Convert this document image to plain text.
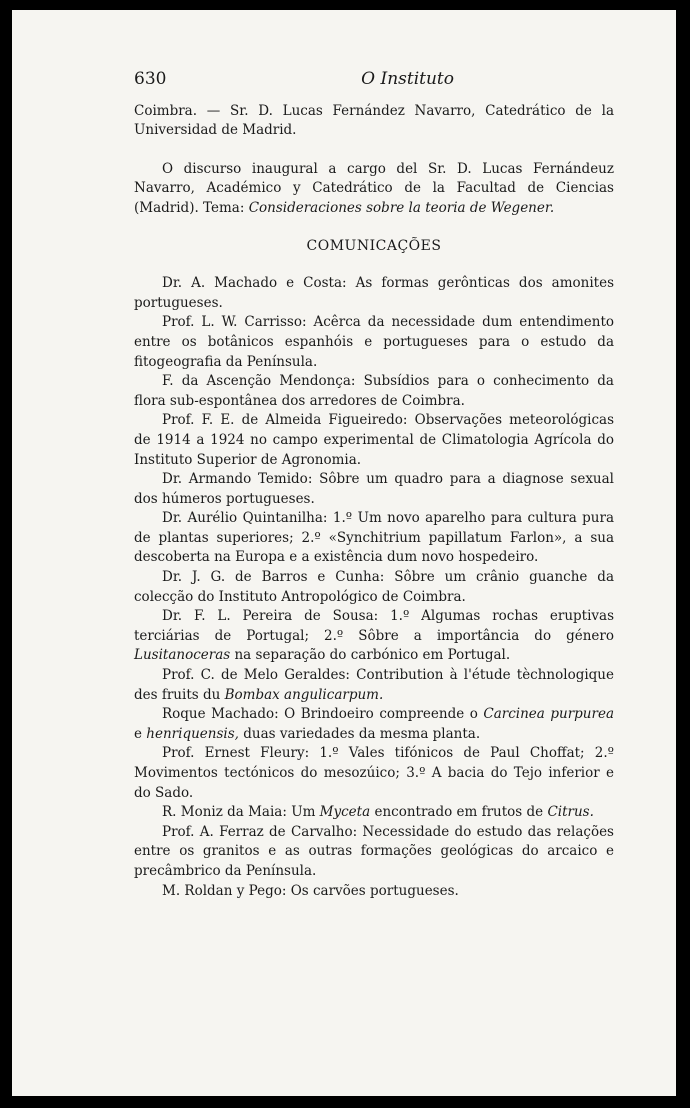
630	O Instituto

Coimbra. — Sr. D. Lucas Fernández Navarro, Catedrático de la Universidad de Madrid.

O discurso inaugural a cargo del Sr. D. Lucas Fernándeuz Navarro, Académico y Catedrático de la Facultad de Ciencias (Madrid). Tema: Consideraciones sobre la teoria de Wegener.

COMUNICAÇÕES

Dr. A. Machado e Costa: As formas gerônticas dos amonites portugueses.

Prof. L. W. Carrisso: Acêrca da necessidade dum entendimento entre os botânicos espanhóis e portugueses para o estudo da fitogeografia da Península.

F. da Ascenção Mendonça: Subsídios para o conhecimento da flora sub-espontânea dos arredores de Coimbra.

Prof. F. E. de Almeida Figueiredo: Observações meteorológicas de 1914 a 1924 no campo experimental de Climatologia Agrícola do Instituto Superior de Agronomia.

Dr. Armando Temido: Sôbre um quadro para a diagnose sexual dos húmeros portugueses.

Dr. Aurélio Quintanilha: 1.º Um novo aparelho para cultura pura de plantas superiores; 2.º «Synchitrium papillatum Farlon», a sua descoberta na Europa e a existência dum novo hospedeiro.

Dr. J. G. de Barros e Cunha: Sôbre um crânio guanche da colecção do Instituto Antropológico de Coimbra.

Dr. F. L. Pereira de Sousa: 1.º Algumas rochas eruptivas terciárias de Portugal; 2.º Sôbre a importância do género Lusitanoceras na separação do carbónico em Portugal.

Prof. C. de Melo Geraldes: Contribution à l'étude tèchnologique des fruits du Bombax angulicarpum.

Roque Machado: O Brindoeiro compreende o Carcinea purpurea e henriquensis, duas variedades da mesma planta.

Prof. Ernest Fleury: 1.º Vales tifónicos de Paul Choffat; 2.º Movimentos tectónicos do mesozúico; 3.º A bacia do Tejo inferior e do Sado.

R. Moniz da Maia: Um Myceta encontrado em frutos de Citrus.

Prof. A. Ferraz de Carvalho: Necessidade do estudo das relações entre os granitos e as outras formações geológicas do arcaico e precâmbrico da Península.

M. Roldan y Pego: Os carvões portugueses.
